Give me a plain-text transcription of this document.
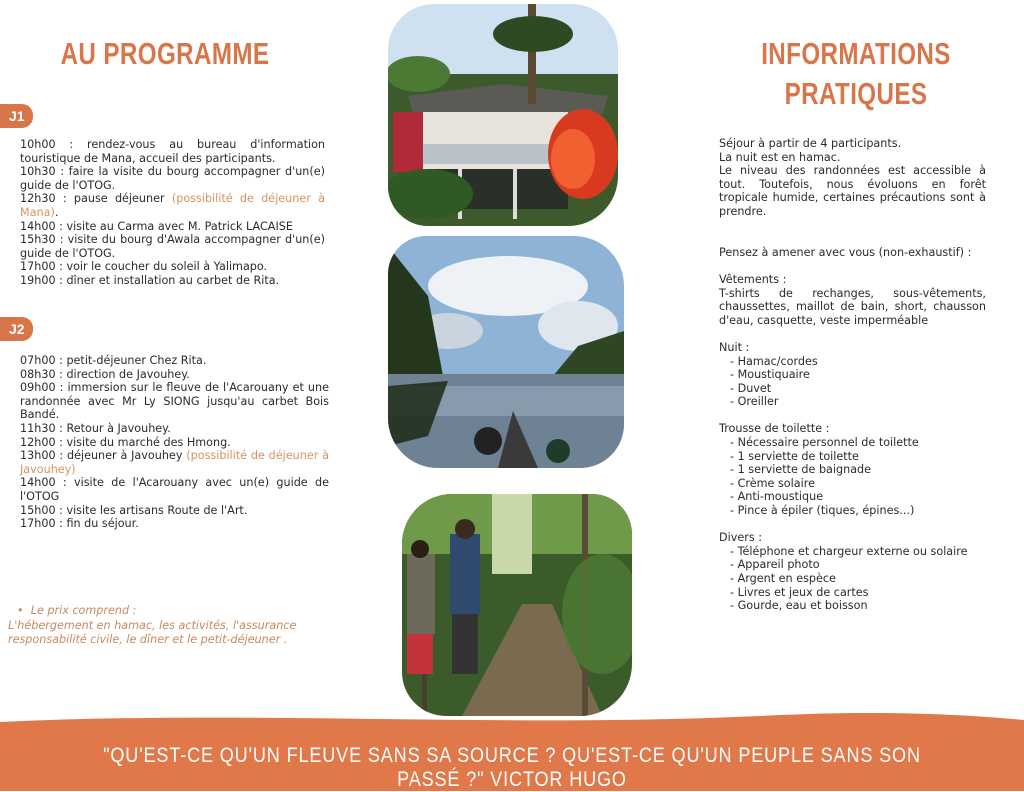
AU PROGRAMME
J1

10h00 : rendez-vous au bureau d'information touristique de Mana, accueil des participants.

10h30 : faire la visite du bourg accompagner d'un(e) guide de l'OTOG.

12h30 : pause déjeuner (possibilité de déjeuner à Mana).

14h00 : visite au Carma avec M. Patrick LACAISE

15h30 : visite du bourg d'Awala accompagner d'un(e) guide de l'OTOG.

17h00 : voir le coucher du soleil à Yalimapo.

19h00 : dîner et installation au carbet de Rita.

J2

07h00 : petit-déjeuner Chez Rita.

08h30 : direction de Javouhey.

09h00 : immersion sur le fleuve de l'Acarouany et une randonnée avec Mr Ly SIONG jusqu'au carbet Bois Bandé.

11h30 : Retour à Javouhey.

12h00 : visite du marché des Hmong.

13h00 : déjeuner à Javouhey (possibilité de déjeuner à Javouhey)

14h00 : visite de l'Acarouany avec un(e) guide de l'OTOG

15h00 : visite les artisans Route de l'Art.

17h00 : fin du séjour.

•  Le prix comprend :
L'hébergement en hamac, les activités, l'assurance responsabilité civile, le dîner et le petit-déjeuner .
INFORMATIONS
PRATIQUES

Séjour à partir de 4 participants.

La nuit est en hamac.

Le niveau des randonnées est accessible à tout. Toutefois, nous évoluons en forêt tropicale humide, certaines précautions sont à prendre.

Pensez à amener avec vous (non-exhaustif) :

Vêtements :

T-shirts de rechanges, sous-vêtements, chaussettes, maillot de bain, short, chausson d'eau, casquette, veste imperméable

Nuit :

- Hamac/cordes

- Moustiquaire

- Duvet

- Oreiller

Trousse de toilette :

- Nécessaire personnel de toilette

- 1 serviette de toilette

- 1 serviette de baignade

- Crème solaire

- Anti-moustique

- Pince à épiler (tiques, épines...)

Divers :

- Téléphone et chargeur externe ou solaire

- Appareil photo

- Argent en espèce

- Livres et jeux de cartes

- Gourde, eau et boisson

"QU'EST-CE QU'UN FLEUVE SANS SA SOURCE ? QU'EST-CE QU'UN PEUPLE SANS SON PASSÉ ?" VICTOR HUGO
